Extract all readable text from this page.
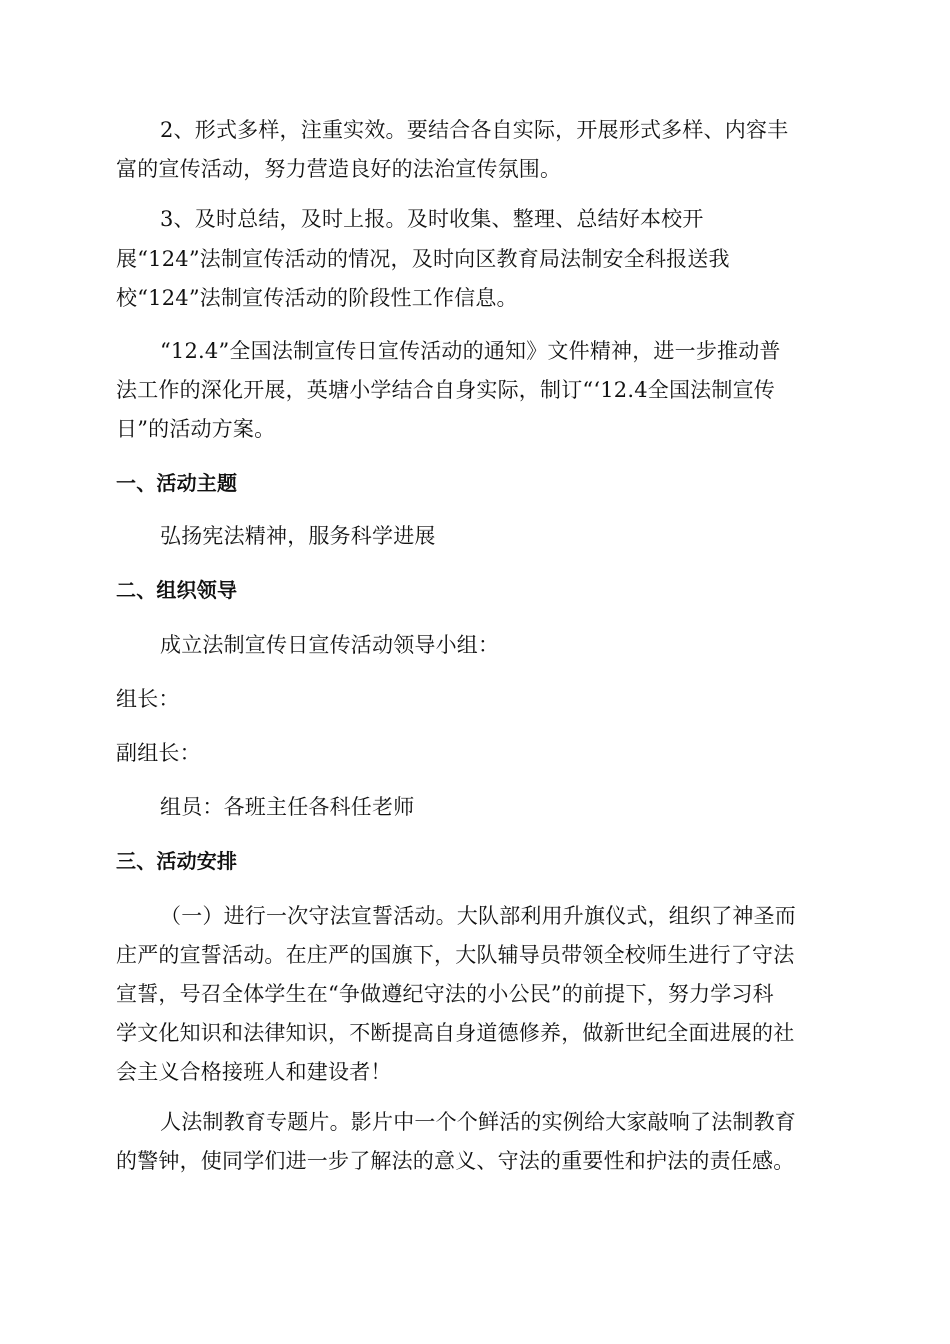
2、形式多样，注重实效。要结合各自实际，开展形式多样、内容丰
富的宣传活动，努力营造良好的法治宣传氛围。
3、及时总结，及时上报。及时收集、整理、总结好本校开
展“124”法制宣传活动的情况，及时向区教育局法制安全科报送我
校“124”法制宣传活动的阶段性工作信息。
“12.4”全国法制宣传日宣传活动的通知》文件精神，进一步推动普
法工作的深化开展，英塘小学结合自身实际，制订“‘12.4全国法制宣传
日”的活动方案。
一、活动主题
弘扬宪法精神，服务科学进展
二、组织领导
成立法制宣传日宣传活动领导小组：
组长：
副组长：
组员：各班主任各科任老师
三、活动安排
（一）进行一次守法宣誓活动。大队部利用升旗仪式，组织了神圣而
庄严的宣誓活动。在庄严的国旗下，大队辅导员带领全校师生进行了守法
宣誓，号召全体学生在“争做遵纪守法的小公民”的前提下，努力学习科
学文化知识和法律知识，不断提高自身道德修养，做新世纪全面进展的社
会主义合格接班人和建设者！
人法制教育专题片。影片中一个个鲜活的实例给大家敲响了法制教育
的警钟，使同学们进一步了解法的意义、守法的重要性和护法的责任感。
